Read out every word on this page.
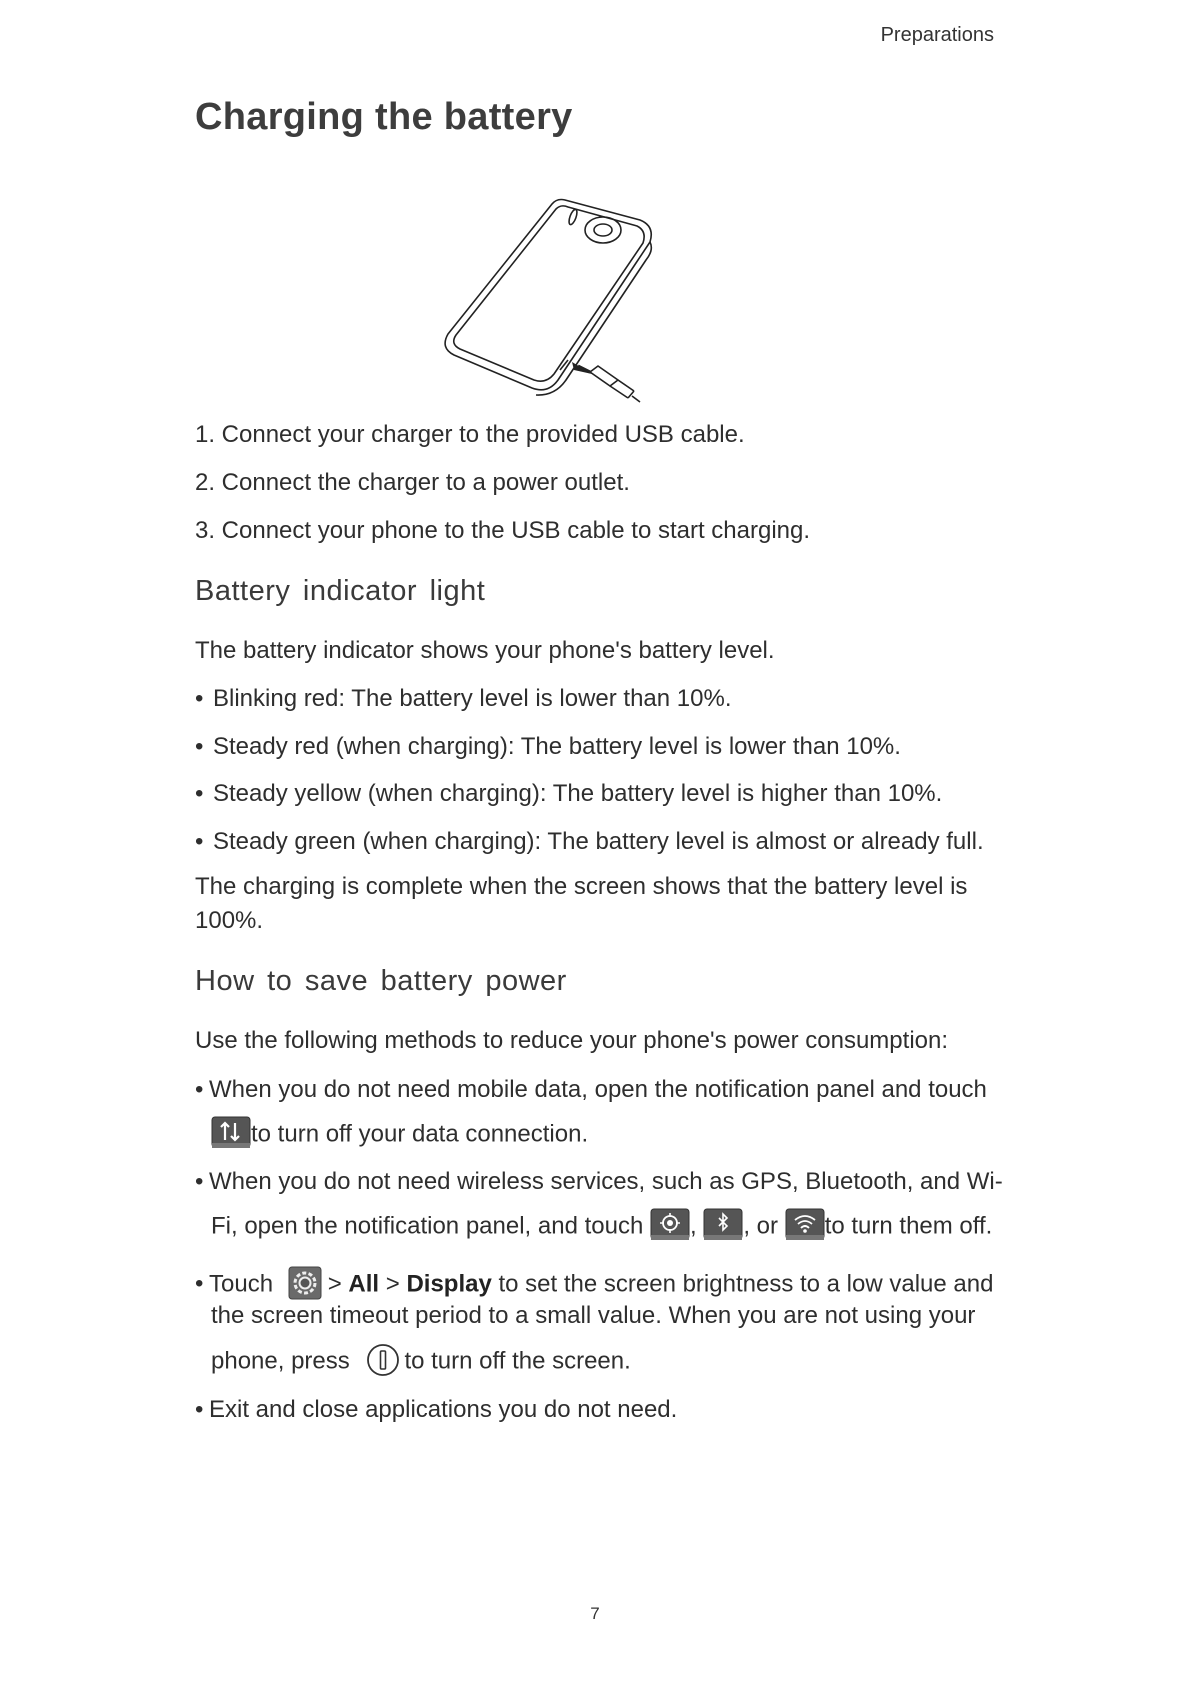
Preparations
Charging the battery
1. Connect your charger to the provided USB cable.
2. Connect the charger to a power outlet.
3. Connect your phone to the USB cable to start charging.
Battery indicator light
The battery indicator shows your phone's battery level.
• Blinking red: The battery level is lower than 10%.
• Steady red (when charging): The battery level is lower than 10%.
• Steady yellow (when charging): The battery level is higher than 10%.
• Steady green (when charging): The battery level is almost or already full.
The charging is complete when the screen shows that the battery level is
100%.
How to save battery power
Use the following methods to reduce your phone's power consumption:
• When you do not need mobile data, open the notification panel and touch
to turn off your data connection.
• When you do not need wireless services, such as GPS, Bluetooth, and Wi-
Fi, open the notification panel, and touch , , or to turn them off.
• Touch > All > Display to set the screen brightness to a low value and
the screen timeout period to a small value. When you are not using your
phone, press to turn off the screen.
• Exit and close applications you do not need.
7
